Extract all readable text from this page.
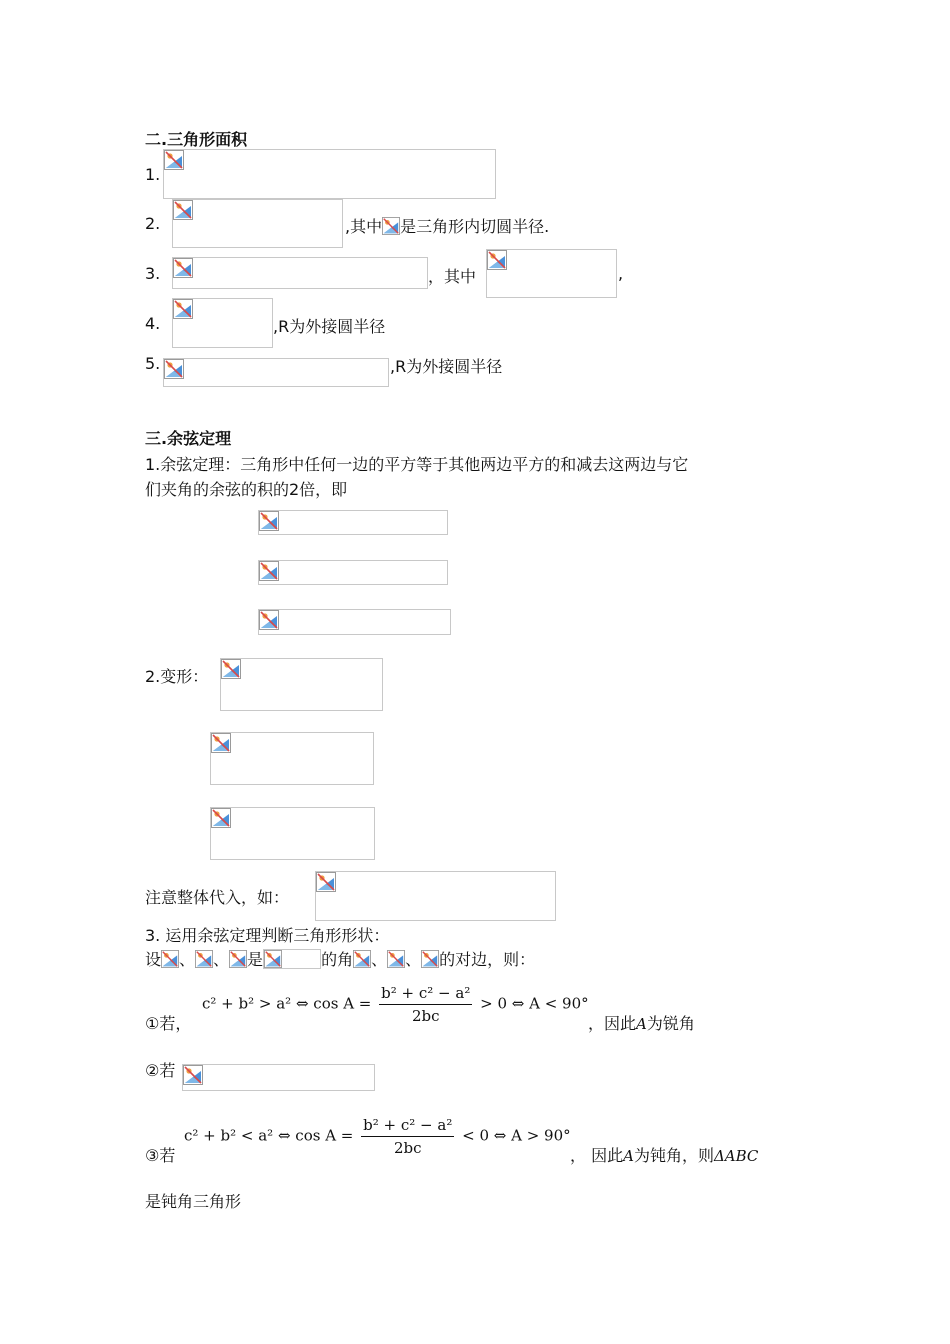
二.三角形面积
1.
2.	,其中 是三角形内切圆半径.
3.	，其中	,
4.	,R为外接圆半径
5.	,R为外接圆半径
三.余弦定理
1.余弦定理：三角形中任何一边的平方等于其他两边平方的和减去这两边与它
们夹角的余弦的积的2倍，即
2.变形：
注意整体代入，如：
3. 运用余弦定理判断三角形形状：
设 、 、 是	的角 、 、 的对边，则：
①若，
c² + b² > a² ⇔ $\cos A = \frac{\text{b² + c² − a²}}{2bc} > 0$ ⇔ A < 90°
，因此A为锐角
②若
③若
c² + b² < a² ⇔ $\cos A = \frac{\text{b² + c² − a²}}{2bc} < 0$ ⇔ A > 90°
， 因此A为钝角，则ΔABC
是钝角三角形
